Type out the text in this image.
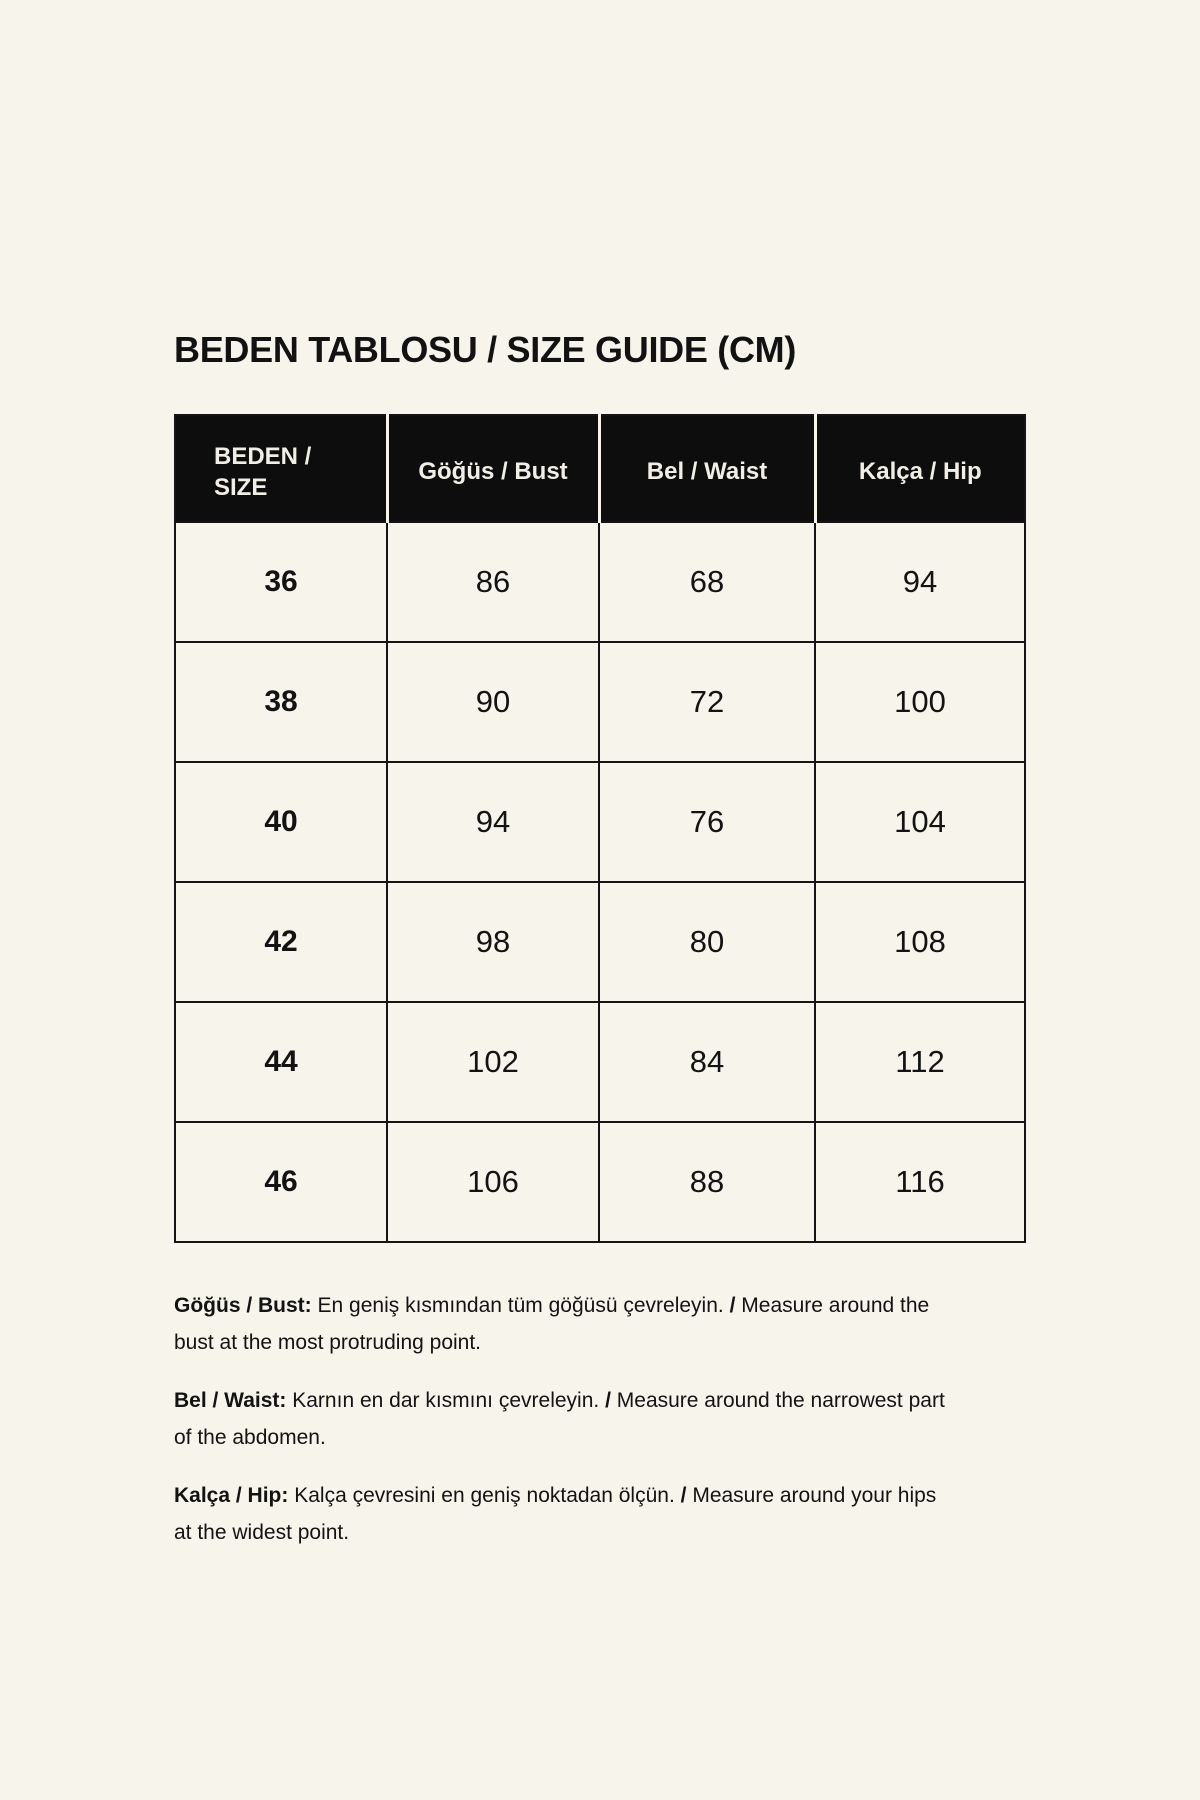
BEDEN TABLOSU / SIZE GUIDE (CM)
BEDEN /
SIZE	Göğüs / Bust	Bel / Waist	Kalça / Hip
36	86	68	94
38	90	72	100
40	94	76	104
42	98	80	108
44	102	84	112
46	106	88	116

Göğüs / Bust: En geniş kısmından tüm göğüsü çevreleyin. / Measure around the bust at the most protruding point.

Bel / Waist: Karnın en dar kısmını çevreleyin. / Measure around the narrowest part of the abdomen.

Kalça / Hip: Kalça çevresini en geniş noktadan ölçün. / Measure around your hips at the widest point.
